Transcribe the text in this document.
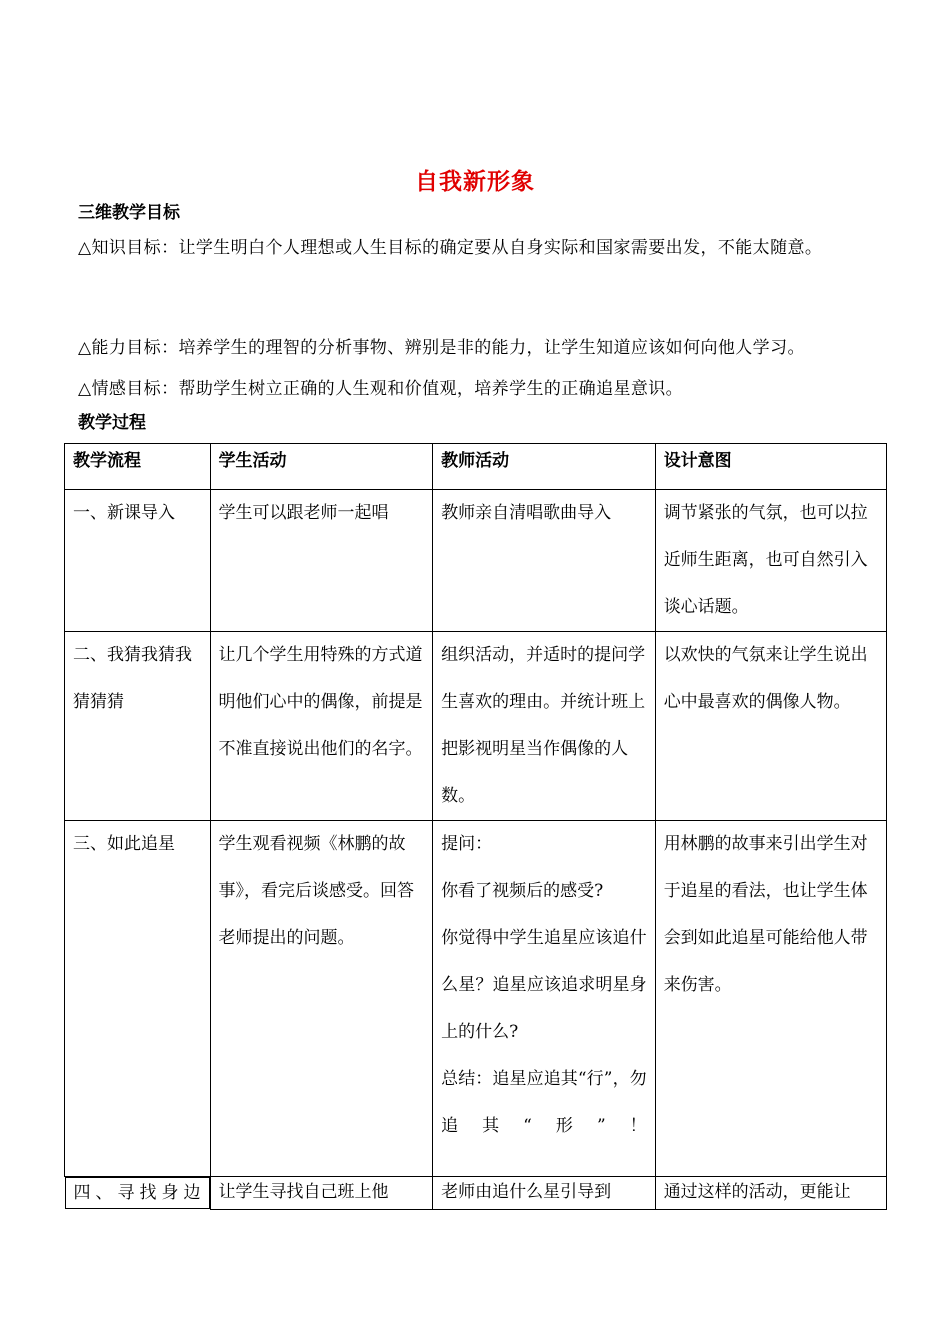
自我新形象
三维教学目标
△知识目标：让学生明白个人理想或人生目标的确定要从自身实际和国家需要出发，不能太随意。
△能力目标：培养学生的理智的分析事物、辨别是非的能力，让学生知道应该如何向他人学习。
△情感目标：帮助学生树立正确的人生观和价值观，培养学生的正确追星意识。
教学过程
教学流程	学生活动	教师活动	设计意图
一、新课导入	学生可以跟老师一起唱	教师亲自清唱歌曲导入	调节紧张的气氛，也可以拉近师生距离，也可自然引入谈心话题。
二、我猜我猜我猜猜猜	让几个学生用特殊的方式道明他们心中的偶像，前提是不准直接说出他们的名字。	组织活动，并适时的提问学生喜欢的理由。并统计班上把影视明星当作偶像的人数。	以欢快的气氛来让学生说出心中最喜欢的偶像人物。
三、如此追星	学生观看视频《林鹏的故事》，看完后谈感受。回答老师提出的问题。	提问：
你看了视频后的感受?
你觉得中学生追星应该追什么星？追星应该追求明星身上的什么?
总结：追星应追其“行”，勿追其“形”！	用林鹏的故事来引出学生对于追星的看法，也让学生体会到如此追星可能给他人带来伤害。

四、寻找身边	让学生寻找自己班上他	老师由追什么星引导到	通过这样的活动，更能让
